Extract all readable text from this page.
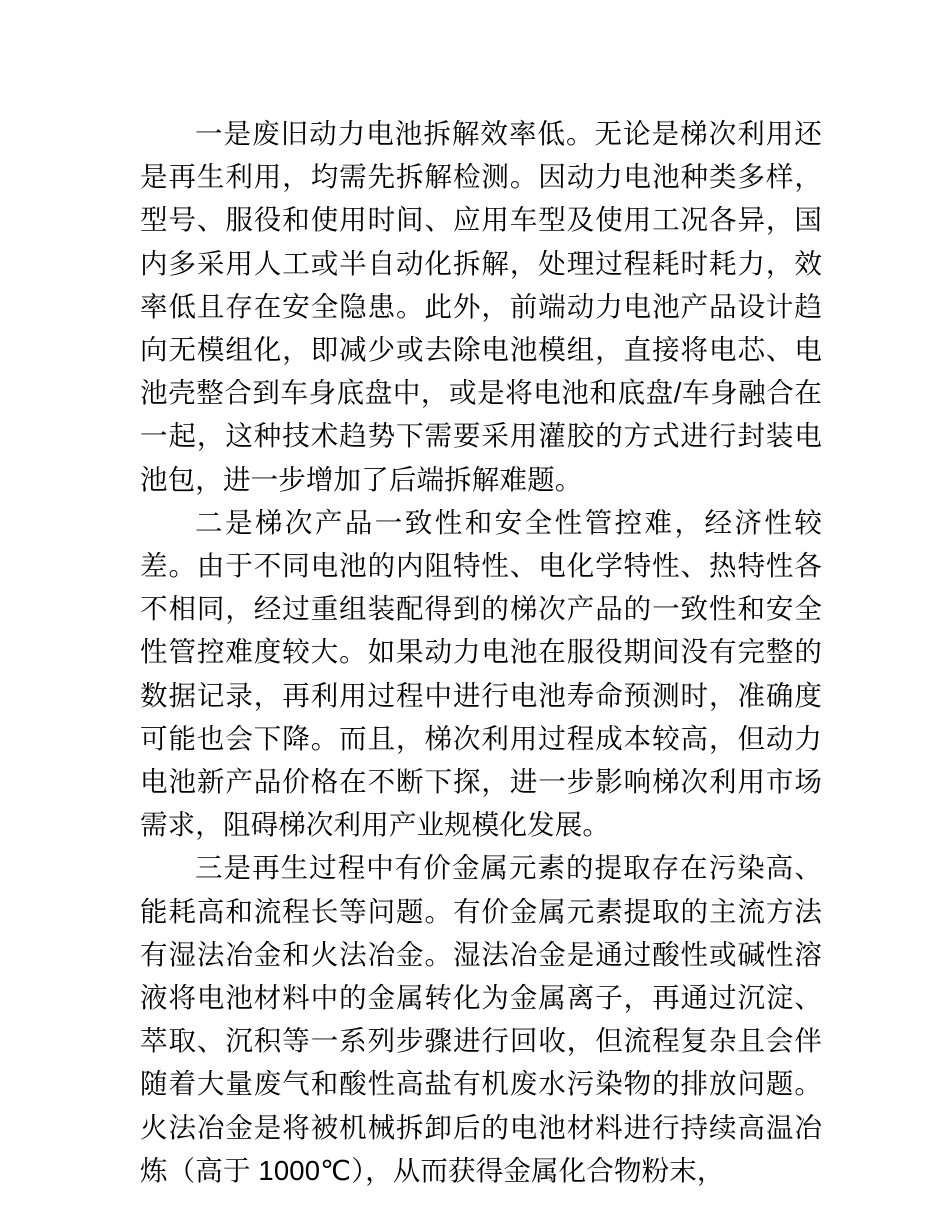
一是废旧动力电池拆解效率低。无论是梯次利用还是再生利用，均需先拆解检测。因动力电池种类多样，型号、服役和使用时间、应用车型及使用工况各异，国内多采用人工或半自动化拆解，处理过程耗时耗力，效率低且存在安全隐患。此外，前端动力电池产品设计趋向无模组化，即减少或去除电池模组，直接将电芯、电池壳整合到车身底盘中，或是将电池和底盘/车身融合在一起，这种技术趋势下需要采用灌胶的方式进行封装电池包，进一步增加了后端拆解难题。

二是梯次产品一致性和安全性管控难，经济性较差。由于不同电池的内阻特性、电化学特性、热特性各不相同，经过重组装配得到的梯次产品的一致性和安全性管控难度较大。如果动力电池在服役期间没有完整的数据记录，再利用过程中进行电池寿命预测时，准确度可能也会下降。而且，梯次利用过程成本较高，但动力电池新产品价格在不断下探，进一步影响梯次利用市场需求，阻碍梯次利用产业规模化发展。

三是再生过程中有价金属元素的提取存在污染高、能耗高和流程长等问题。有价金属元素提取的主流方法有湿法冶金和火法冶金。湿法冶金是通过酸性或碱性溶液将电池材料中的金属转化为金属离子，再通过沉淀、萃取、沉积等一系列步骤进行回收，但流程复杂且会伴随着大量废气和酸性高盐有机废水污染物的排放问题。火法冶金是将被机械拆卸后的电池材料进行持续高温冶炼（高于 1000℃），从而获得金属化合物粉末，
